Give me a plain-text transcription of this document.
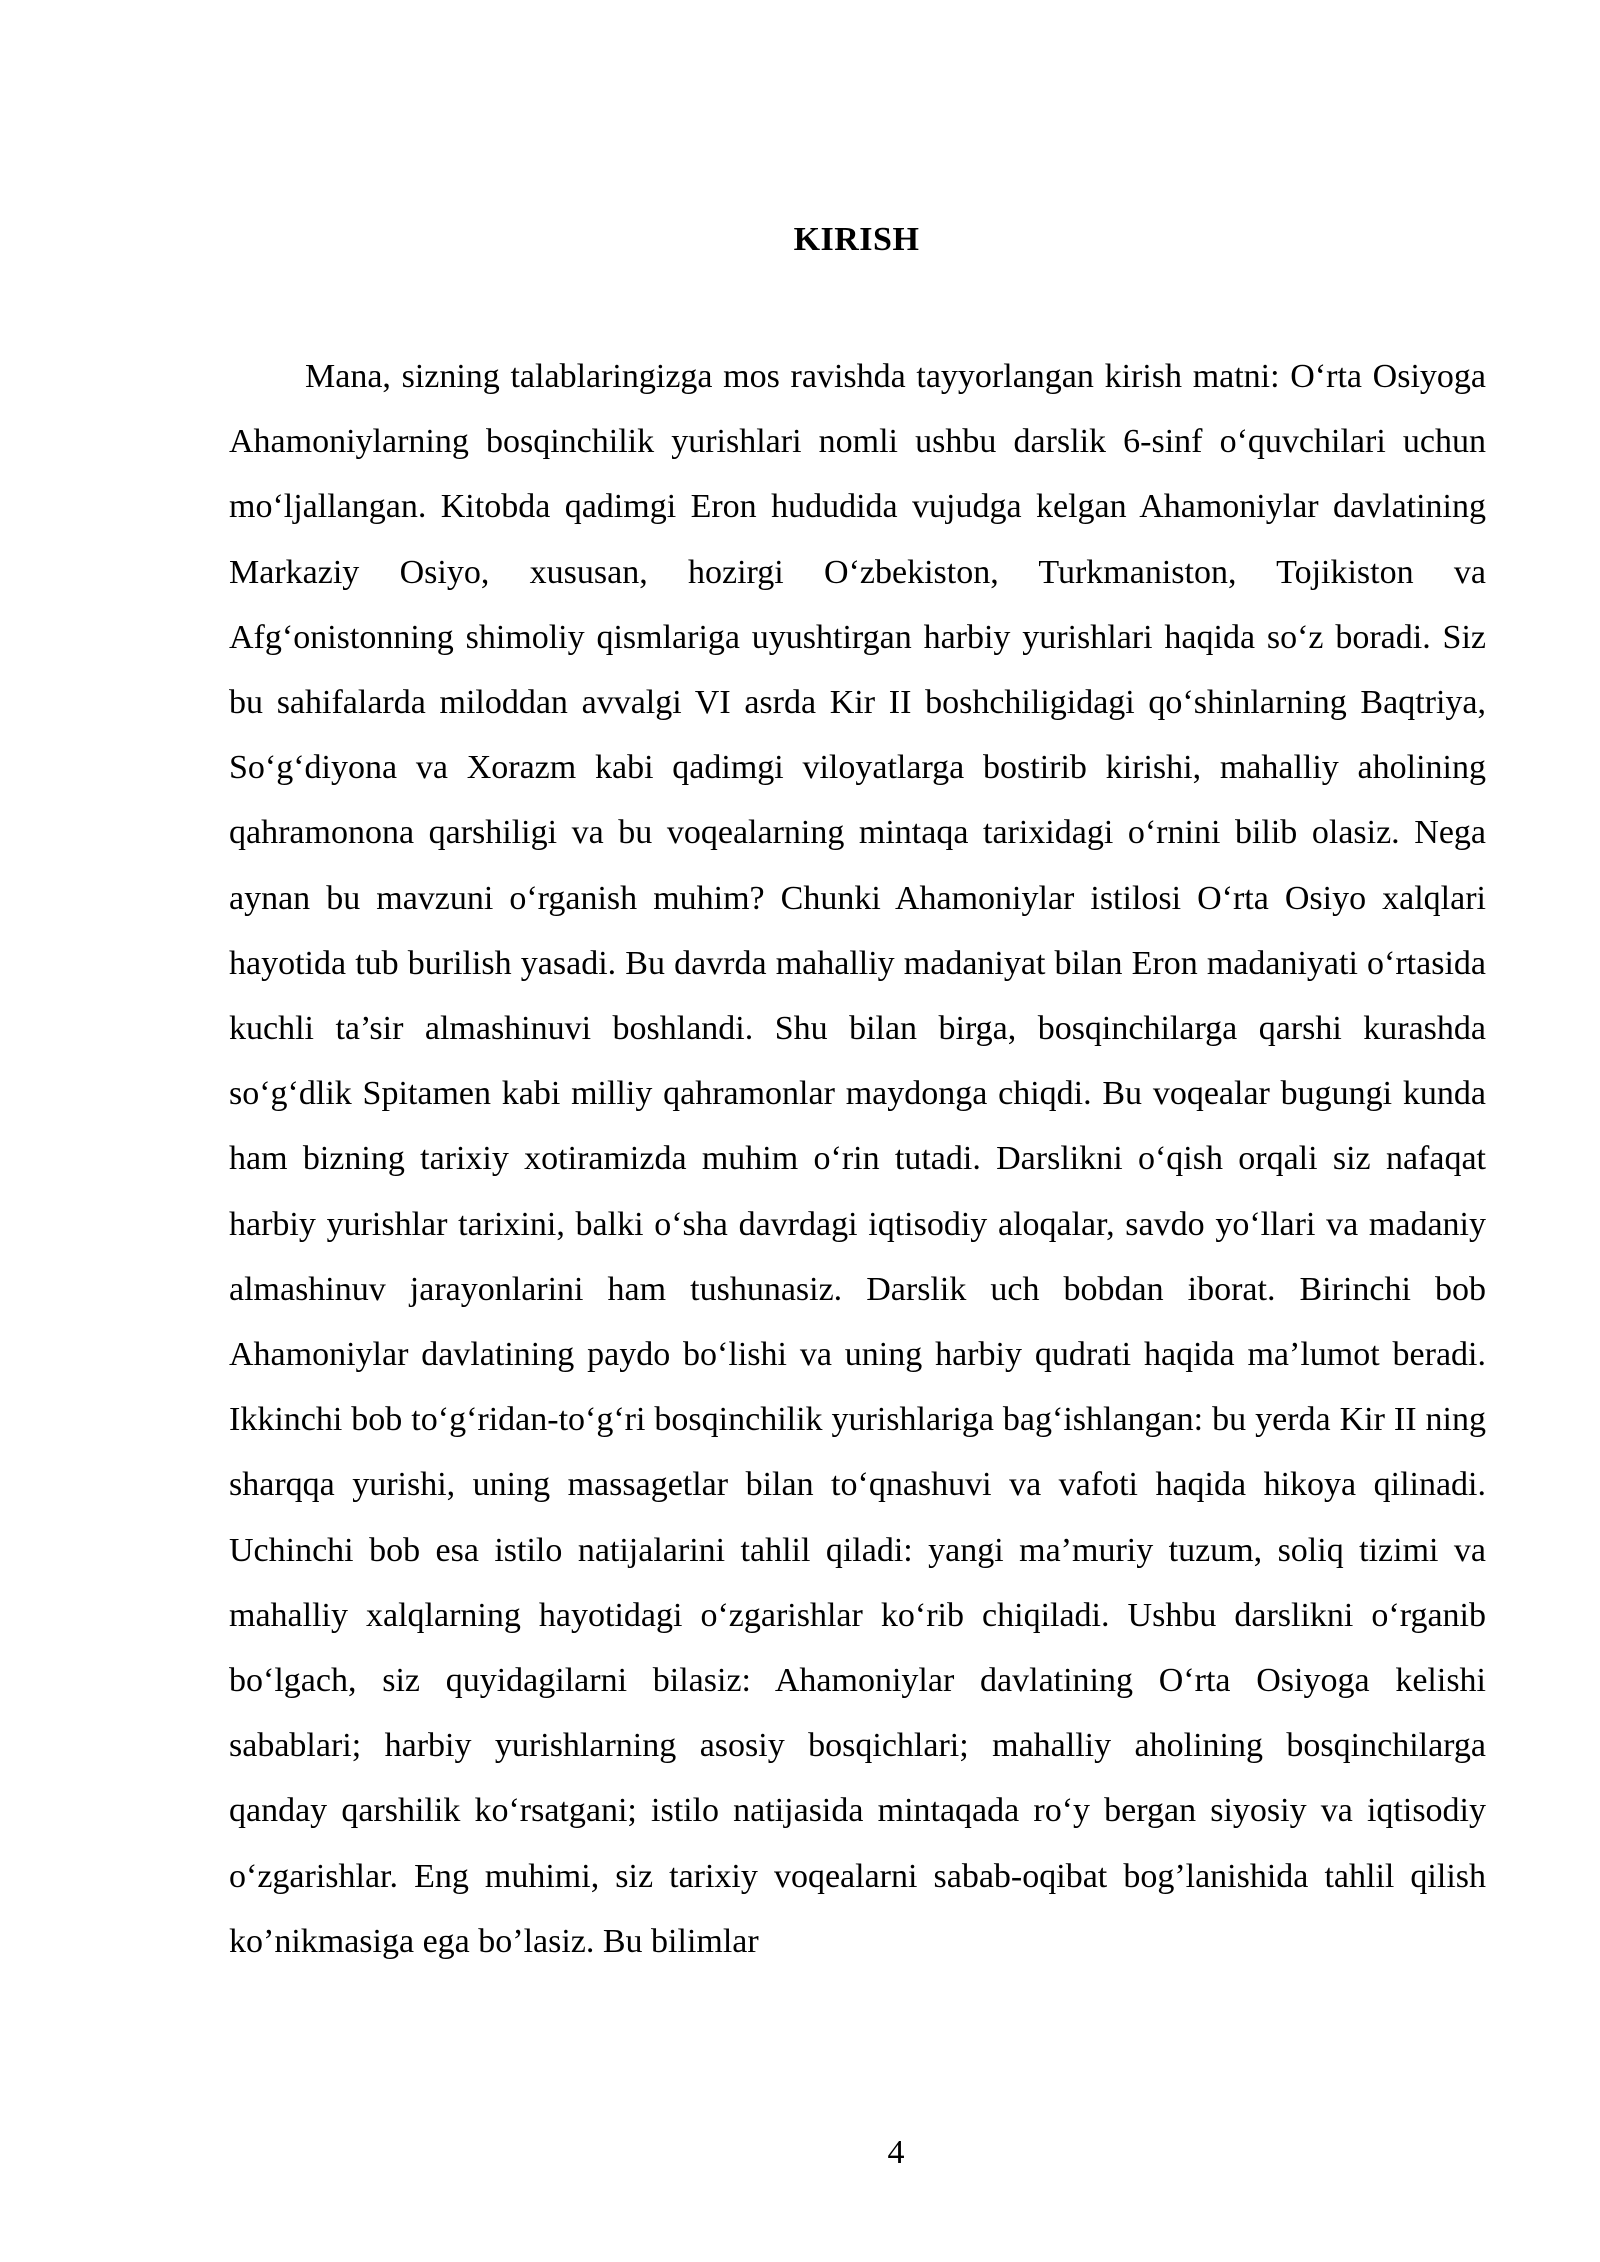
KIRISH

Mana, sizning talablaringizga mos ravishda tayyorlangan kirish matni: O‘rta Osiyoga Ahamoniylarning bosqinchilik yurishlari nomli ushbu darslik 6-sinf o‘quvchilari uchun mo‘ljallangan. Kitobda qadimgi Eron hududida vujudga kelgan Ahamoniylar davlatining Markaziy Osiyo, xususan, hozirgi O‘zbekiston, Turkmaniston, Tojikiston va Afg‘onistonning shimoliy qismlariga uyushtirgan harbiy yurishlari haqida so‘z boradi. Siz bu sahifalarda miloddan avvalgi VI asrda Kir II boshchiligidagi qo‘shinlarning Baqtriya, So‘g‘diyona va Xorazm kabi qadimgi viloyatlarga bostirib kirishi, mahalliy aholining qahramonona qarshiligi va bu voqealarning mintaqa tarixidagi o‘rnini bilib olasiz. Nega aynan bu mavzuni o‘rganish muhim? Chunki Ahamoniylar istilosi O‘rta Osiyo xalqlari hayotida tub burilish yasadi. Bu davrda mahalliy madaniyat bilan Eron madaniyati o‘rtasida kuchli ta’sir almashinuvi boshlandi. Shu bilan birga, bosqinchilarga qarshi kurashda so‘g‘dlik Spitamen kabi milliy qahramonlar maydonga chiqdi. Bu voqealar bugungi kunda ham bizning tarixiy xotiramizda muhim o‘rin tutadi. Darslikni o‘qish orqali siz nafaqat harbiy yurishlar tarixini, balki o‘sha davrdagi iqtisodiy aloqalar, savdo yo‘llari va madaniy almashinuv jarayonlarini ham tushunasiz. Darslik uch bobdan iborat. Birinchi bob Ahamoniylar davlatining paydo bo‘lishi va uning harbiy qudrati haqida ma’lumot beradi. Ikkinchi bob to‘g‘ridan-to‘g‘ri bosqinchilik yurishlariga bag‘ishlangan: bu yerda Kir II ning sharqqa yurishi, uning massagetlar bilan to‘qnashuvi va vafoti haqida hikoya qilinadi. Uchinchi bob esa istilo natijalarini tahlil qiladi: yangi ma’muriy tuzum, soliq tizimi va mahalliy xalqlarning hayotidagi o‘zgarishlar ko‘rib chiqiladi. Ushbu darslikni o‘rganib bo‘lgach, siz quyidagilarni bilasiz: Ahamoniylar davlatining O‘rta Osiyoga kelishi sabablari; harbiy yurishlarning asosiy bosqichlari; mahalliy aholining bosqinchilarga qanday qarshilik ko‘rsatgani; istilo natijasida mintaqada ro‘y bergan siyosiy va iqtisodiy o‘zgarishlar. Eng muhimi, siz tarixiy voqealarni sabab-oqibat bog’lanishida tahlil qilish ko’nikmasiga ega bo’lasiz. Bu bilimlar

4
